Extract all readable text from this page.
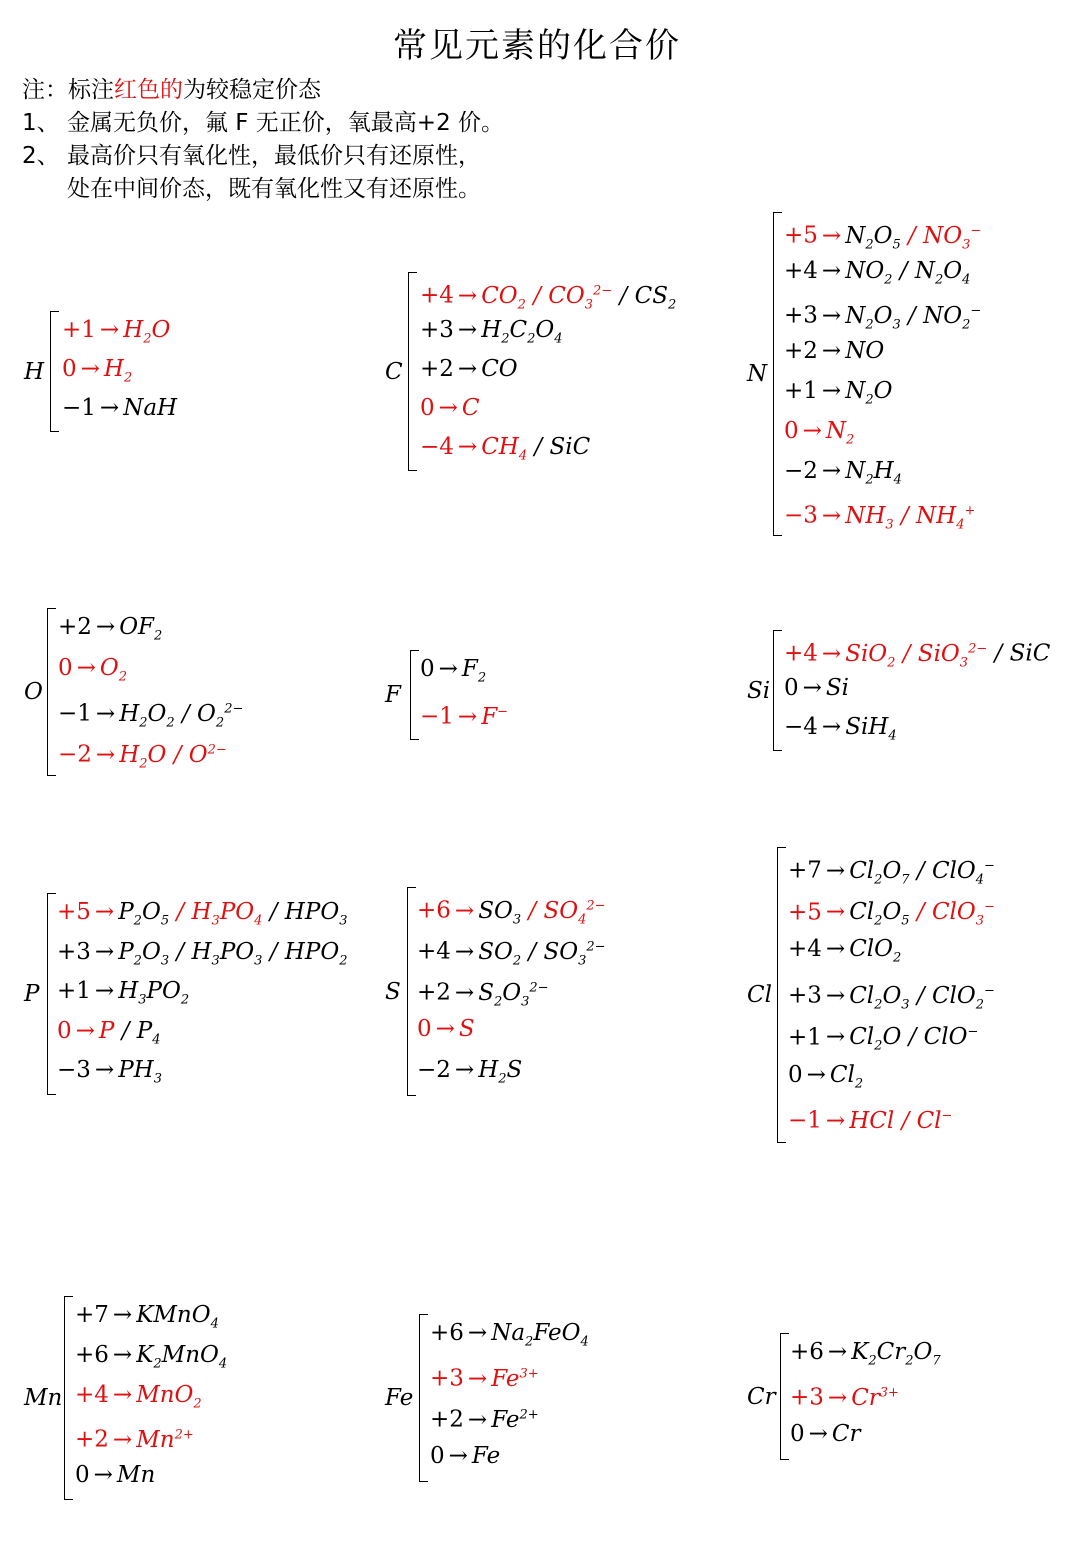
常见元素的化合价
注：标注红色的为较稳定价态
1、 金属无负价，氟 F 无正价，氧最高+2 价。
2、 最高价只有氧化性，最低价只有还原性，
处在中间价态，既有氧化性又有还原性。
H
$+1 \to H_2O$
$0 \to H_2$
−1 → NaH
C
$+4 \to CO_2 / CO_3^{2-} / CS_2$
$+3 \to H_2C_2O_4$
+2 → CO
0 → C
$-4 \to CH_4$ / SiC
N
$+5 \to N_2O_5 / NO_3^-$
$+4 \to NO_2 / N_2O_4$
$+3 \to N_2O_3 / NO_2^-$
+2 → NO
$+1 \to N_2O$
$0 \to N_2$
$-2 \to N_2H_4$
$-3 \to NH_3 / NH_4^+$
O
$+2 \to OF_2$
$0 \to O_2$
$-1 \to H_2O_2 / O_2^{2-}$
$-2 \to H_2O / O^{2-}$
F
$0 \to F_2$
−1 → F−
Si
+4 → SiO$_2$ / SiO$_3^{2-}$ / SiC
0 → Si
−4 → SiH$_4$
P
$+5 \to P_2O_5 / H_3PO_4 / HPO_3$
$+3 \to P_2O_3 / H_3PO_3 / HPO_2$
$+1 \to H_3PO_2$
$0 \to P / P_4$
$-3 \to PH_3$
S
$+6 \to SO_3 / SO_4^{2-}$
$+4 \to SO_2 / SO_3^{2-}$
$+2 \to S_2O_3^{2-}$
0 → S
$-2 \to H_2S$
Cl
$+7 \to Cl_2O_7 / ClO_4^-$
$+5 \to Cl_2O_5 / ClO_3^-$
+4 → ClO$_2$
$+3 \to Cl_2O_3 / ClO_2^-$
$+1 \to Cl_2O / ClO^-$
$0 \to Cl_2$
−1 → HCl / Cl−
Mn
+7 → KMnO$_4$
$+6 \to K_2MnO_4$
+4 → MnO$_2$
$+2 \to Mn^{2+}$
0 → Mn
Fe
$+6 \to Na_2FeO_4$
$+3 \to Fe^{3+}$
$+2 \to Fe^{2+}$
0 → Fe
Cr
$+6 \to K_2Cr_2O_7$
$+3 \to Cr^{3+}$
0 → Cr
